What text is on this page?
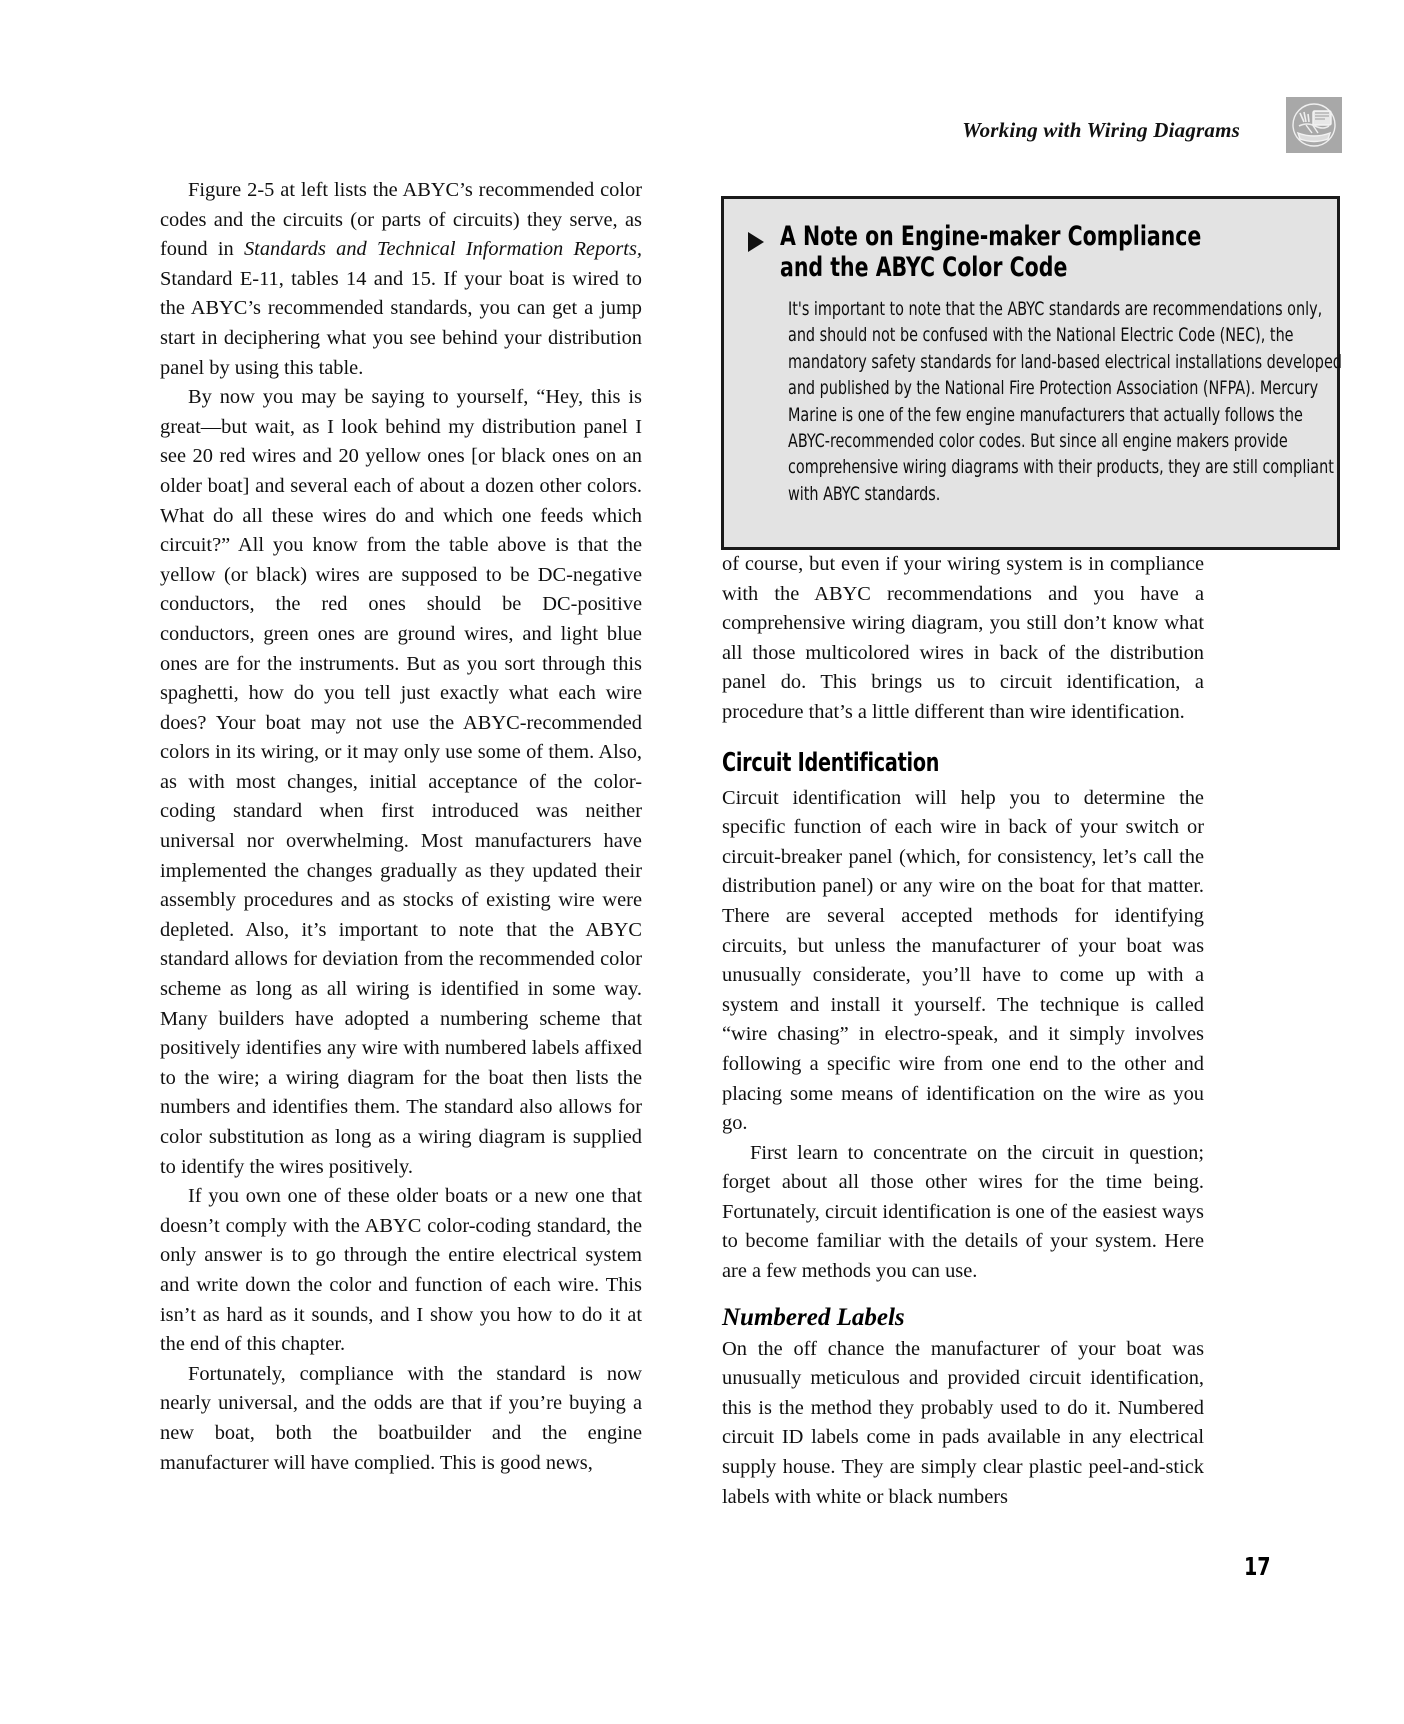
Working with Wiring Diagrams
A Note on Engine-maker Compliance and the ABYC Color Code
It's important to note that the ABYC standards are recommendations only, and should not be confused with the National Electric Code (NEC), the mandatory safety standards for land-based electrical installations developed and published by the National Fire Protection Association (NFPA). Mercury Marine is one of the few engine manufacturers that actually follows the ABYC-recommended color codes. But since all engine makers provide comprehensive wiring diagrams with their products, they are still compliant with ABYC standards.

Figure 2-5 at left lists the ABYC’s recommended color codes and the circuits (or parts of circuits) they serve, as found in Standards and Technical Information Reports, Standard E-11, tables 14 and 15. If your boat is wired to the ABYC’s recommended standards, you can get a jump start in deciphering what you see behind your distribution panel by using this table.

By now you may be saying to yourself, “Hey, this is great—but wait, as I look behind my distribution panel I see 20 red wires and 20 yellow ones [or black ones on an older boat] and several each of about a dozen other colors. What do all these wires do and which one feeds which circuit?” All you know from the table above is that the yellow (or black) wires are supposed to be DC-negative conductors, the red ones should be DC-positive conductors, green ones are ground wires, and light blue ones are for the instruments. But as you sort through this spaghetti, how do you tell just exactly what each wire does? Your boat may not use the ABYC-recommended colors in its wiring, or it may only use some of them. Also, as with most changes, initial acceptance of the color-coding standard when first introduced was neither universal nor overwhelming. Most manufacturers have implemented the changes gradually as they updated their assembly procedures and as stocks of existing wire were depleted. Also, it’s important to note that the ABYC standard allows for deviation from the recommended color scheme as long as all wiring is identified in some way. Many builders have adopted a numbering scheme that positively identifies any wire with numbered labels affixed to the wire; a wiring diagram for the boat then lists the numbers and identifies them. The standard also allows for color substitution as long as a wiring diagram is supplied to identify the wires positively.

If you own one of these older boats or a new one that doesn’t comply with the ABYC color-coding standard, the only answer is to go through the entire electrical system and write down the color and function of each wire. This isn’t as hard as it sounds, and I show you how to do it at the end of this chapter.

Fortunately, compliance with the standard is now nearly universal, and the odds are that if you’re buying a new boat, both the boatbuilder and the engine manufacturer will have complied. This is good news,

of course, but even if your wiring system is in compliance with the ABYC recommendations and you have a comprehensive wiring diagram, you still don’t know what all those multicolored wires in back of the distribution panel do. This brings us to circuit identification, a procedure that’s a little different than wire identification.

Circuit Identification

Circuit identification will help you to determine the specific function of each wire in back of your switch or circuit-breaker panel (which, for consistency, let’s call the distribution panel) or any wire on the boat for that matter. There are several accepted methods for identifying circuits, but unless the manufacturer of your boat was unusually considerate, you’ll have to come up with a system and install it yourself. The technique is called “wire chasing” in electro-speak, and it simply involves following a specific wire from one end to the other and placing some means of identification on the wire as you go.

First learn to concentrate on the circuit in question; forget about all those other wires for the time being. Fortunately, circuit identification is one of the easiest ways to become familiar with the details of your system. Here are a few methods you can use.

Numbered Labels

On the off chance the manufacturer of your boat was unusually meticulous and provided circuit identification, this is the method they probably used to do it. Numbered circuit ID labels come in pads available in any electrical supply house. They are simply clear plastic peel-and-stick labels with white or black numbers

17
